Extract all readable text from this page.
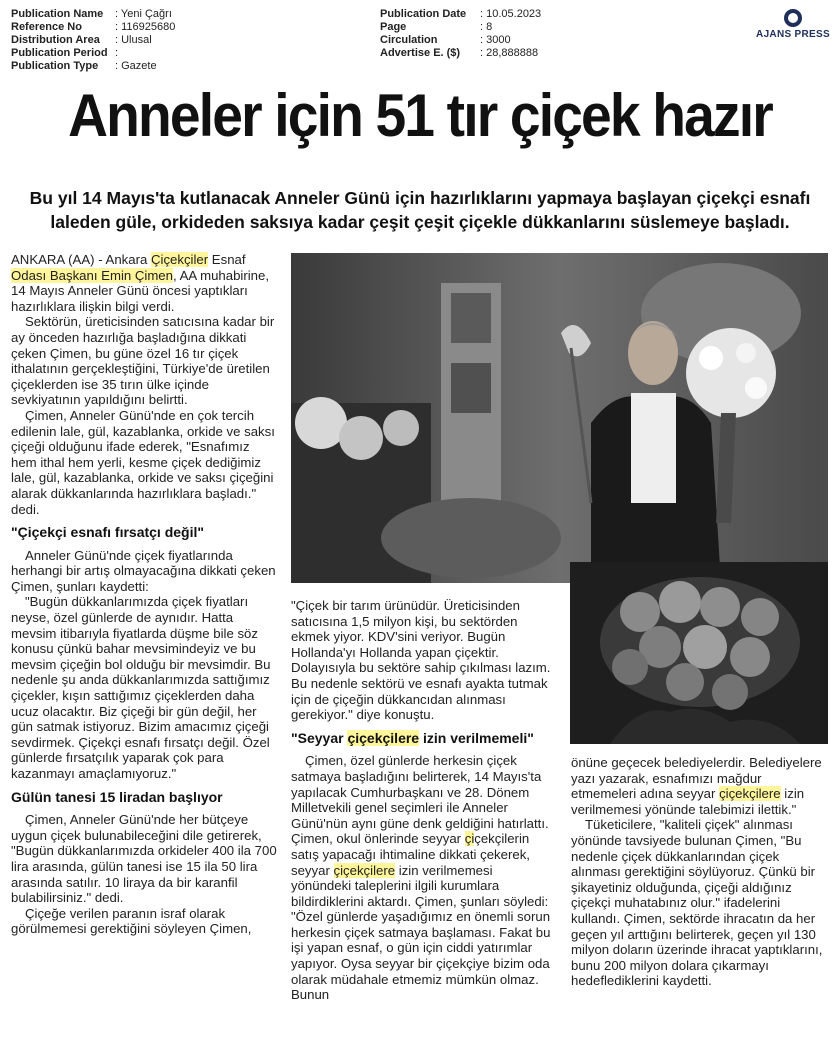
Publication Name : Yeni Çağrı
Reference No	: 116925680
Distribution Area : Ulusal
Publication Period :
Publication Type : Gazete
Publication Date : 10.05.2023
Page	: 8
Circulation	: 3000
Advertise E. ($) : 28,888888
AJANS PRESS
Anneler için 51 tır çiçek hazır
Bu yıl 14 Mayıs'ta kutlanacak Anneler Günü için hazırlıklarını yapmaya başlayan çiçekçi esnafı laleden güle, orkideden saksıya kadar çeşit çeşit çiçekle dükkanlarını süslemeye başladı.

ANKARA (AA) - Ankara Çiçekçiler Esnaf Odası Başkanı Emin Çimen, AA muhabirine, 14 Mayıs Anneler Günü öncesi yaptıkları hazırlıklara ilişkin bilgi verdi.

Sektörün, üreticisinden satıcısına kadar bir ay önceden hazırlığa başladığına dikkati çeken Çimen, bu güne özel 16 tır çiçek ithalatının gerçekleştiğini, Türkiye'de üretilen çiçeklerden ise 35 tırın ülke içinde sevkiyatının yapıldığını belirtti.

Çimen, Anneler Günü'nde en çok tercih edilenin lale, gül, kazablanka, orkide ve saksı çiçeği olduğunu ifade ederek, "Esnafımız hem ithal hem yerli, kesme çiçek dediğimiz lale, gül, kazablanka, orkide ve saksı çiçeğini alarak dükkanlarında hazırlıklara başladı." dedi.

"Çiçekçi esnafı fırsatçı değil"

Anneler Günü'nde çiçek fiyatlarında herhangi bir artış olmayacağına dikkati çeken Çimen, şunları kaydetti:

"Bugün dükkanlarımızda çiçek fiyatları neyse, özel günlerde de aynıdır. Hatta mevsim itibarıyla fiyatlarda düşme bile söz konusu çünkü bahar mevsimindeyiz ve bu mevsim çiçeğin bol olduğu bir mevsimdir. Bu nedenle şu anda dükkanlarımızda sattığımız çiçekler, kışın sattığımız çiçeklerden daha ucuz olacaktır. Biz çiçeği bir gün değil, her gün satmak istiyoruz. Bizim amacımız çiçeği sevdirmek. Çiçekçi esnafı fırsatçı değil. Özel günlerde fırsatçılık yaparak çok para kazanmayı amaçlamıyoruz."

Gülün tanesi 15 liradan başlıyor

Çimen, Anneler Günü'nde her bütçeye uygun çiçek bulunabileceğini dile getirerek, "Bugün dükkanlarımızda orkideler 400 ila 700 lira arasında, gülün tanesi ise 15 ila 50 lira arasında satılır. 10 liraya da bir karanfil bulabilirsiniz." dedi.

Çiçeğe verilen paranın israf olarak görülmemesi gerektiğini söyleyen Çimen,

"Çiçek bir tarım ürünüdür. Üreticisinden satıcısına 1,5 milyon kişi, bu sektörden ekmek yiyor. KDV'sini veriyor. Bugün Hollanda'yı Hollanda yapan çiçektir. Dolayısıyla bu sektöre sahip çıkılması lazım. Bu nedenle sektörü ve esnafı ayakta tutmak için de çiçeğin dükkancıdan alınması gerekiyor." diye konuştu.

"Seyyar çiçekçilere izin verilmemeli"

Çimen, özel günlerde herkesin çiçek satmaya başladığını belirterek, 14 Mayıs'ta yapılacak Cumhurbaşkanı ve 28. Dönem Milletvekili genel seçimleri ile Anneler Günü'nün aynı güne denk geldiğini hatırlattı. Çimen, okul önlerinde seyyar çiçekçilerin satış yapacağı ihtimaline dikkati çekerek, seyyar çiçekçilere izin verilmemesi yönündeki taleplerini ilgili kurumlara bildirdiklerini aktardı. Çimen, şunları söyledi: "Özel günlerde yaşadığımız en önemli sorun herkesin çiçek satmaya başlaması. Fakat bu işi yapan esnaf, o gün için ciddi yatırımlar yapıyor. Oysa seyyar bir çiçekçiye bizim oda olarak müdahale etmemiz mümkün olmaz. Bunun

önüne geçecek belediyelerdir. Belediyelere yazı yazarak, esnafımızı mağdur etmemeleri adına seyyar çiçekçilere izin verilmemesi yönünde talebimizi ilettik."

Tüketicilere, "kaliteli çiçek" alınması yönünde tavsiyede bulunan Çimen, "Bu nedenle çiçek dükkanlarından çiçek alınması gerektiğini söylüyoruz. Çünkü bir şikayetiniz olduğunda, çiçeği aldığınız çiçekçi muhatabınız olur." ifadelerini kullandı. Çimen, sektörde ihracatın da her geçen yıl arttığını belirterek, geçen yıl 130 milyon doların üzerinde ihracat yaptıklarını, bunu 200 milyon dolara çıkarmayı hedeflediklerini kaydetti.
